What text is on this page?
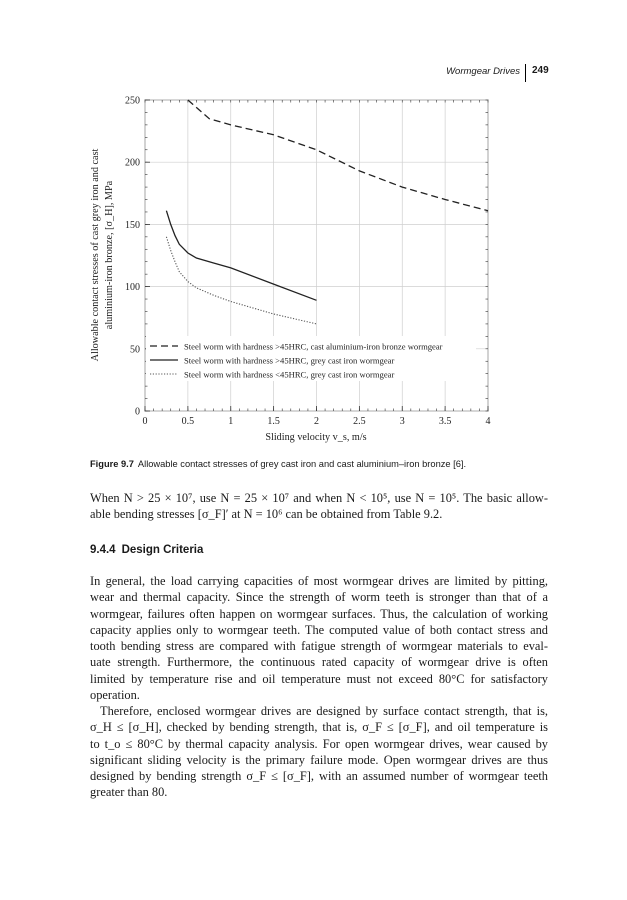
Wormgear Drives 249
0	0.5	1	1.5	2	2.5	3	3.5	4
0
50
100
150
200
250
Steel worm with hardness >45HRC, cast aluminium-iron bronze wormgear
Steel worm with hardness >45HRC, grey cast iron wormgear
Steel worm with hardness <45HRC, grey cast iron wormgear
Allowable contact stresses of cast grey iron and cast aluminium-iron bronze, [σ_H], MPa
Sliding velocity v_s, m/s
Figure 9.7 Allowable contact stresses of grey cast iron and cast aluminium–iron bronze [6].
When N > 25 × 10⁷, use N = 25 × 10⁷ and when N < 10⁵, use N = 10⁵. The basic allow-
able bending stresses [σ_F]′ at N = 10⁶ can be obtained from Table 9.2.
9.4.4 Design Criteria
In general, the load carrying capacities of most wormgear drives are limited by pitting,
wear and thermal capacity. Since the strength of worm teeth is stronger than that of a
wormgear, failures often happen on wormgear surfaces. Thus, the calculation of working
capacity applies only to wormgear teeth. The computed value of both contact stress and
tooth bending stress are compared with fatigue strength of wormgear materials to eval-
uate strength. Furthermore, the continuous rated capacity of wormgear drive is often
limited by temperature rise and oil temperature must not exceed 80°C for satisfactory
operation.
Therefore, enclosed wormgear drives are designed by surface contact strength, that is,
σ_H ≤ [σ_H], checked by bending strength, that is, σ_F ≤ [σ_F], and oil temperature is
to t_o ≤ 80°C by thermal capacity analysis. For open wormgear drives, wear caused by
significant sliding velocity is the primary failure mode. Open wormgear drives are thus
designed by bending strength σ_F ≤ [σ_F], with an assumed number of wormgear teeth
greater than 80.
